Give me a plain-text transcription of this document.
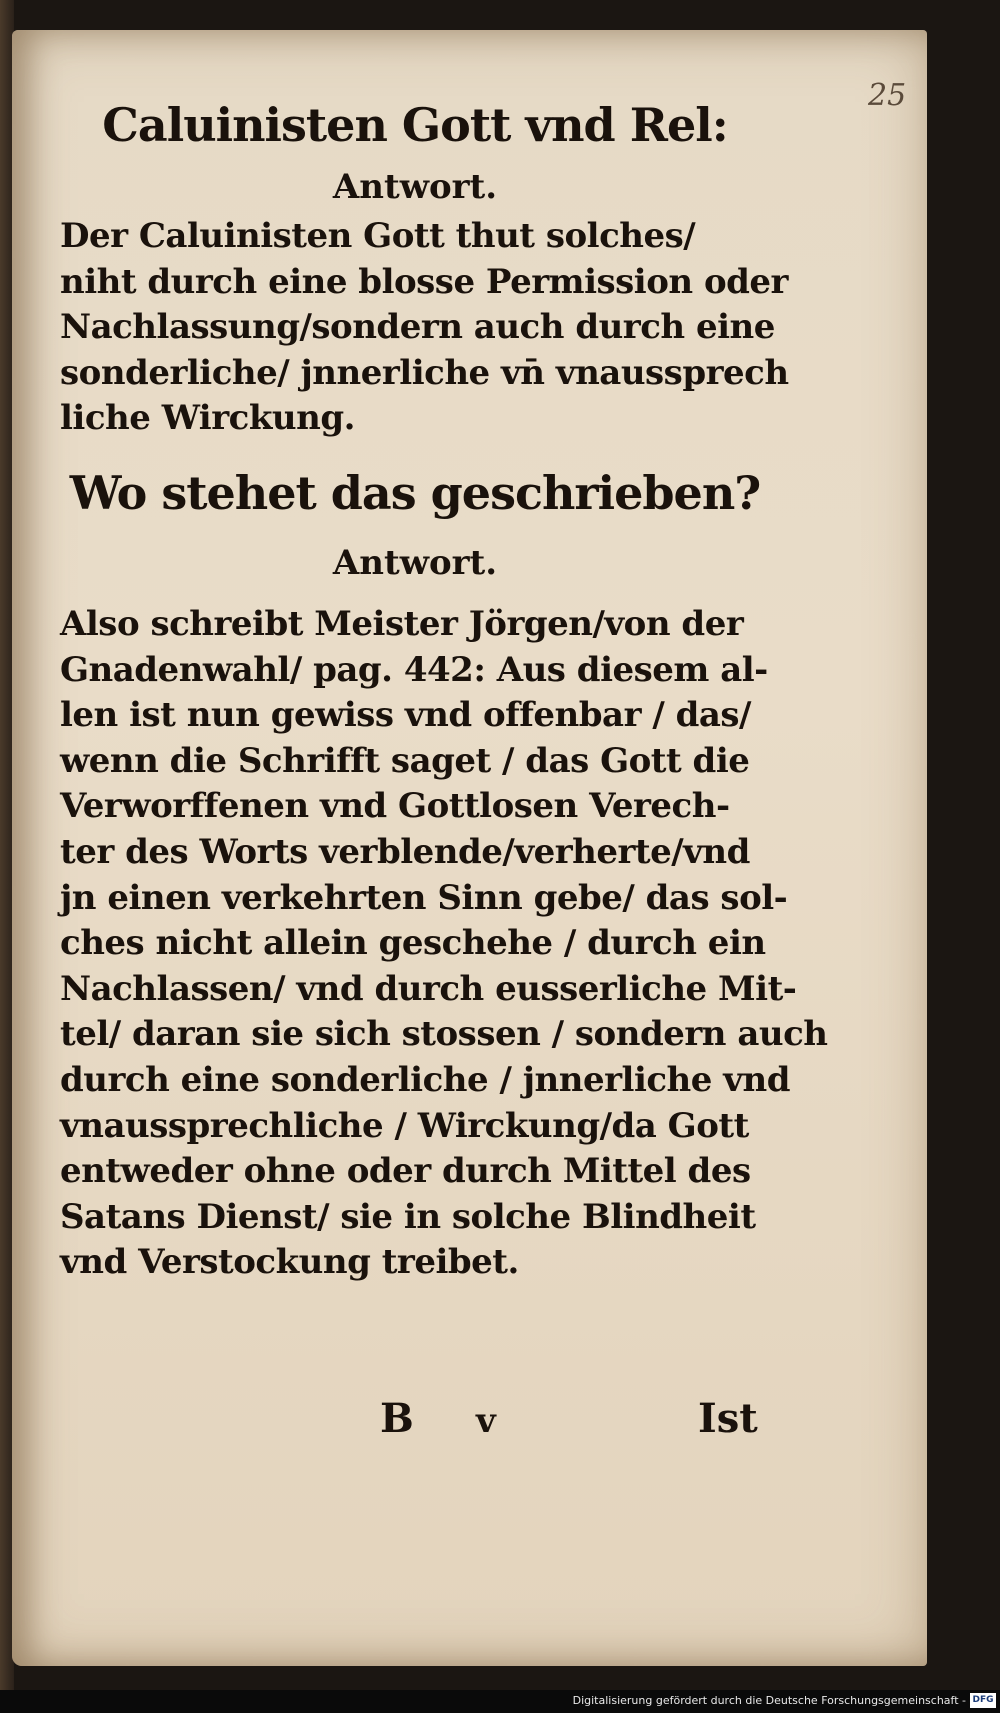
25
Caluinisten Gott vnd Rel:
Antwort.
Der Caluinisten Gott thut solches/
niht durch eine blosse Permission oder
Nachlassung/sondern auch durch eine
sonderliche/ jnnerliche vn̄ vnaussprech
liche Wirckung.
Wo stehet das geschrieben?
Antwort.
Also schreibt Meister Jörgen/von der
Gnadenwahl/ pag. 442: Aus diesem al-
len ist nun gewiss vnd offenbar / das/
wenn die Schrifft saget / das Gott die
Verworffenen vnd Gottlosen Verech-
ter des Worts verblende/verherte/vnd
jn einen verkehrten Sinn gebe/ das sol-
ches nicht allein geschehe / durch ein
Nachlassen/ vnd durch eusserliche Mit-
tel/ daran sie sich stossen / sondern auch
durch eine sonderliche / jnnerliche vnd
vnaussprechliche / Wirckung/da Gott
entweder ohne oder durch Mittel des
Satans Dienst/ sie in solche Blindheit
vnd Verstockung treibet.
B v	Ist
Digitalisierung gefördert durch die Deutsche Forschungsgemeinschaft - DFG
